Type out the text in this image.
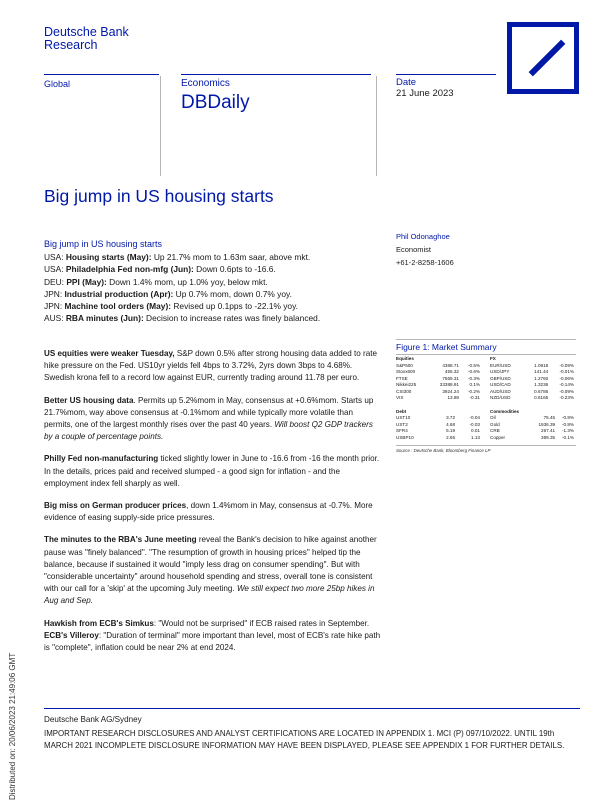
Deutsche Bank
Research
Global	Economics
DBDaily
Date
21 June 2023
Big jump in US housing starts
Big jump in US housing starts
USA: Housing starts (May): Up 21.7% mom to 1.63m saar, above mkt.
USA: Philadelphia Fed non-mfg (Jun): Down 0.6pts to -16.6.
DEU: PPI (May): Down 1.4% mom, up 1.0% yoy, below mkt.
JPN: Industrial production (Apr): Up 0.7% mom, down 0.7% yoy.
JPN: Machine tool orders (May): Revised up 0.1pps to -22.1% yoy.
AUS: RBA minutes (Jun): Decision to increase rates was finely balanced.
Phil Odonaghoe
Economist
+61-2-8258-1606
Figure 1: Market Summary
Equities		
S&P500	4388.71	-0.5%
Stoxx600	455.32	-0.6%
FTSE	7569.31	-0.3%
Nikkei225	33388.91	0.1%
CSI300	3924.24	-0.2%
VIX	13.88	-0.31
FX		
EUR/USD	1.0918	-0.09%
USD/JPY	141.44	-0.01%
GBP/USD	1.2760	-0.06%
USD/CAD	1.3236	-0.14%
AUD/USD	0.6786	-0.09%
NZD/USD	0.6165	-0.23%
Debt		
UST10	3.72	-0.04
UST2	4.68	-0.03
SFR4	5.19	0.01
USBP10	2.65	1.13
Commodities		
Oil	75.45	-0.8%
Gold	1936.39	-0.8%
CRB	267.41	-1.3%
Copper	389.35	-0.1%
Source : Deutsche Bank, Bloomberg Finance LP

US equities were weaker Tuesday, S&P down 0.5% after strong housing data added to rate hike pressure on the Fed. US10yr yields fell 4bps to 3.72%, 2yrs down 3bps to 4.68%. Swedish krona fell to a record low against EUR, currently trading around 11.78 per euro.

Better US housing data. Permits up 5.2%mom in May, consensus at +0.6%mom. Starts up 21.7%mom, way above consensus at -0.1%mom and while typically more volatile than permits, one of the largest monthly rises over the past 40 years. Will boost Q2 GDP trackers by a couple of percentage points.

Philly Fed non-manufacturing ticked slightly lower in June to -16.6 from -16 the month prior. In the details, prices paid and received slumped - a good sign for inflation - and the employment index fell sharply as well.

Big miss on German producer prices, down 1.4%mom in May, consensus at -0.7%. More evidence of easing supply-side price pressures.

The minutes to the RBA's June meeting reveal the Bank's decision to hike against another pause was "finely balanced". "The resumption of growth in housing prices" helped tip the balance, because if sustained it would "imply less drag on consumer spending". But with "considerable uncertainty" around household spending and stress, overall tone is consistent with our call for a 'skip' at the upcoming July meeting. We still expect two more 25bp hikes in Aug and Sep.

Hawkish from ECB's Simkus: "Would not be surprised" if ECB raised rates in September. ECB's Villeroy: "Duration of terminal" more important than level, most of ECB's rate hike path is "complete", inflation could be near 2% at end 2024.

Distributed on: 20/06/2023 21:49:06 GMT	Deutsche Bank AG/Sydney
IMPORTANT RESEARCH DISCLOSURES AND ANALYST CERTIFICATIONS ARE LOCATED IN APPENDIX 1. MCI (P) 097/10/2022. UNTIL 19th MARCH 2021 INCOMPLETE DISCLOSURE INFORMATION MAY HAVE BEEN DISPLAYED, PLEASE SEE APPENDIX 1 FOR FURTHER DETAILS.
